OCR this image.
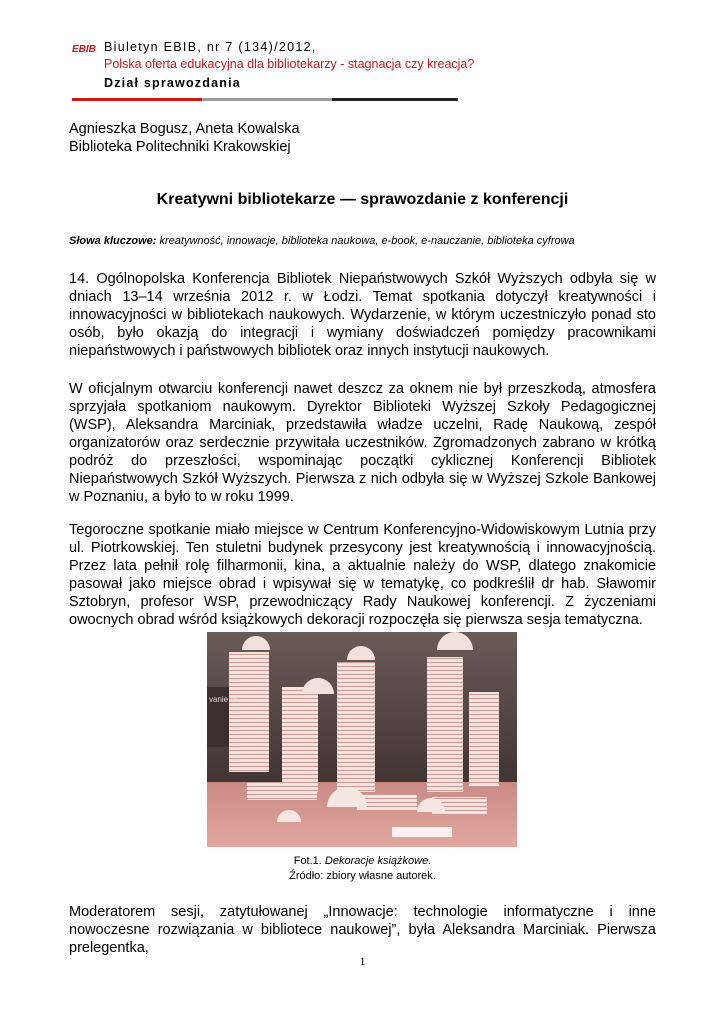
EBIB Biuletyn EBIB, nr 7 (134)/2012,
Polska oferta edukacyjna dla bibliotekarzy - stagnacja czy kreacja?
Dział sprawozdania
Agnieszka Bogusz, Aneta Kowalska
Biblioteka Politechniki Krakowskiej
Kreatywni bibliotekarze — sprawozdanie z konferencji
Słowa kluczowe: kreatywność, innowacje, biblioteka naukowa, e-book, e-nauczanie, biblioteka cyfrowa
14. Ogólnopolska Konferencja Bibliotek Niepaństwowych Szkół Wyższych odbyła się w dniach 13–14 września 2012 r. w Łodzi. Temat spotkania dotyczył kreatywności i innowacyjności w bibliotekach naukowych. Wydarzenie, w którym uczestniczyło ponad sto osób, było okazją do integracji i wymiany doświadczeń pomiędzy pracownikami niepaństwowych i państwowych bibliotek oraz innych instytucji naukowych.
W oficjalnym otwarciu konferencji nawet deszcz za oknem nie był przeszkodą, atmosfera sprzyjała spotkaniom naukowym. Dyrektor Biblioteki Wyższej Szkoły Pedagogicznej (WSP), Aleksandra Marciniak, przedstawiła władze uczelni, Radę Naukową, zespół organizatorów oraz serdecznie przywitała uczestników. Zgromadzonych zabrano w krótką podróż do przeszłości, wspominając początki cyklicznej Konferencji Bibliotek Niepaństwowych Szkół Wyższych. Pierwsza z nich odbyła się w Wyższej Szkole Bankowej w Poznaniu, a było to w roku 1999.
Tegoroczne spotkanie miało miejsce w Centrum Konferencyjno-Widowiskowym Lutnia przy ul. Piotrkowskiej. Ten stuletni budynek przesycony jest kreatywnością i innowacyjnością. Przez lata pełnił rolę filharmonii, kina, a aktualnie należy do WSP, dlatego znakomicie pasował jako miejsce obrad i wpisywał się w tematykę, co podkreślił dr hab. Sławomir Sztobryn, profesor WSP, przewodniczący Rady Naukowej konferencji. Z życzeniami owocnych obrad wśród książkowych dekoracji rozpoczęła się pierwsza sesja tematyczna.
vanie ict
Fot.1. Dekoracje książkowe.
Źródło: zbiory własne autorek.
Moderatorem sesji, zatytułowanej „Innowacje: technologie informatyczne i inne nowoczesne rozwiązania w bibliotece naukowej”, była Aleksandra Marciniak. Pierwsza prelegentka,
1
